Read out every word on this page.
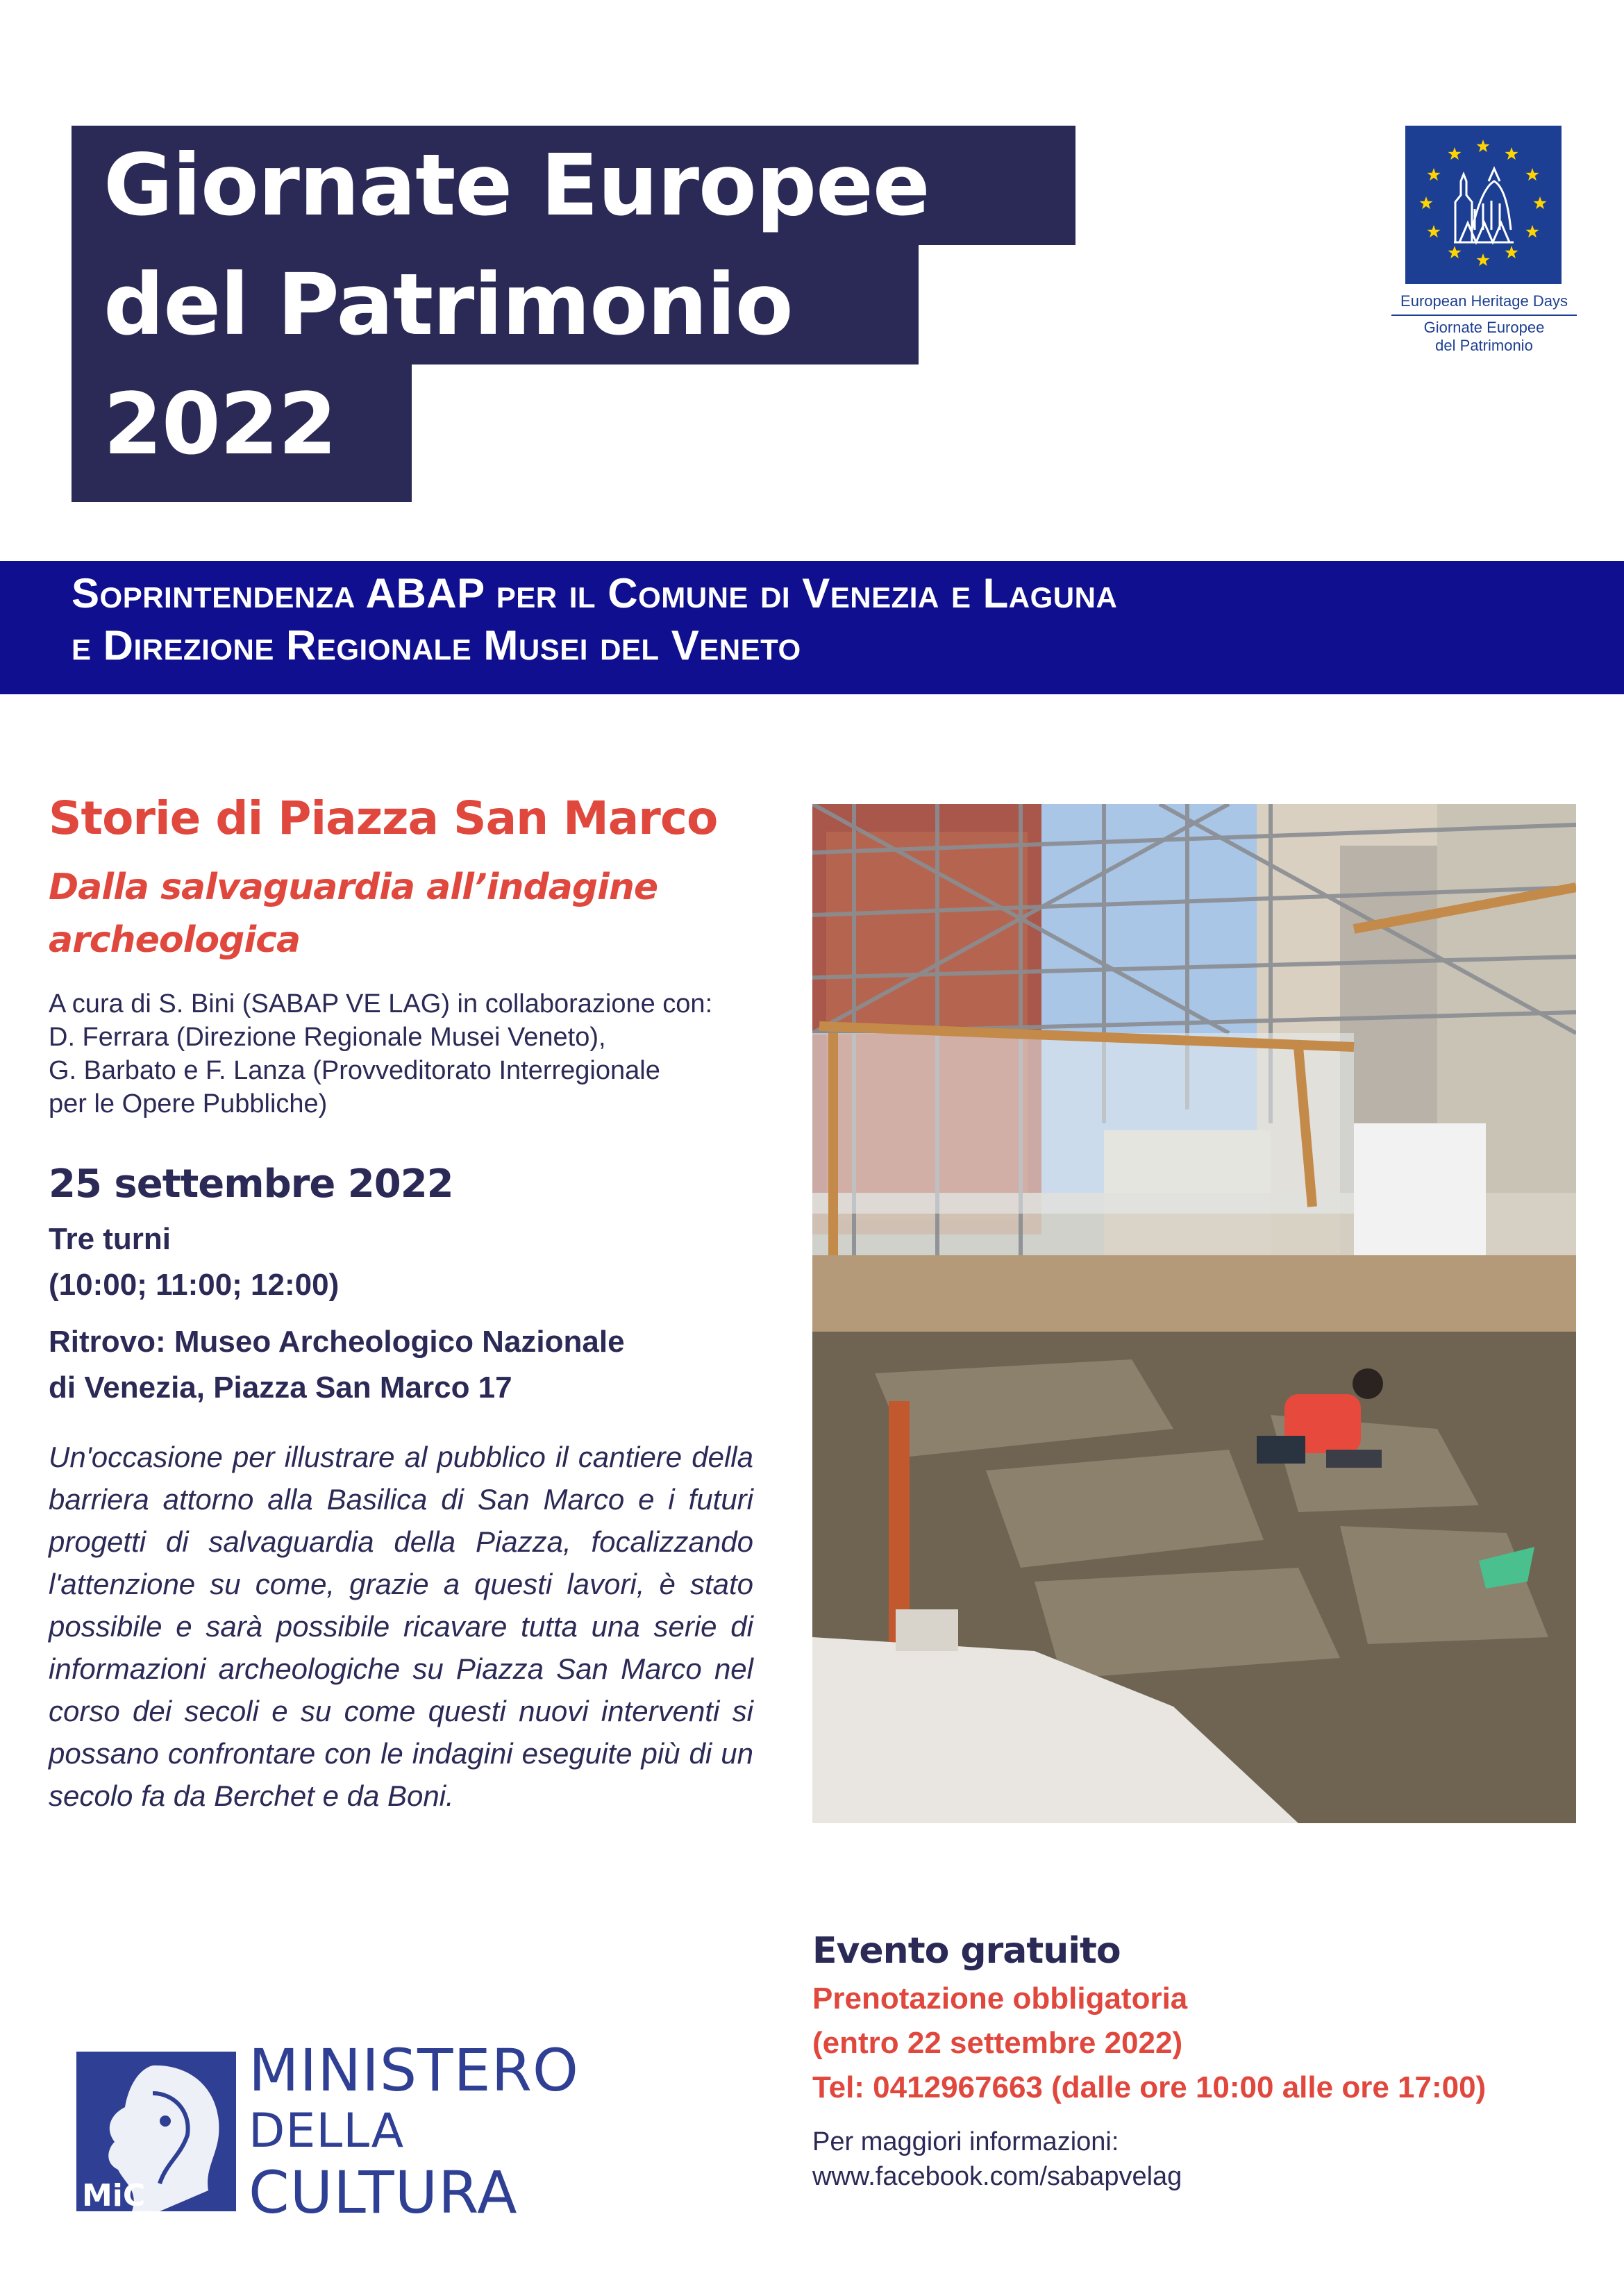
Giornate Europee
del Patrimonio
2022
European Heritage Days
Giornate Europee
del Patrimonio
Soprintendenza ABAP per il Comune di Venezia e Laguna
e Direzione Regionale Musei del Veneto
Storie di Piazza San Marco
Dalla salvaguardia all’indagine
archeologica
A cura di S. Bini (SABAP VE LAG) in collaborazione con:
D. Ferrara (Direzione Regionale Musei Veneto),
G. Barbato e F. Lanza (Provveditorato Interregionale
per le Opere Pubbliche)
25 settembre 2022
Tre turni
(10:00; 11:00; 12:00)
Ritrovo: Museo Archeologico Nazionale
di Venezia, Piazza San Marco 17
Un'occasione per illustrare al pubblico il cantiere della barriera attorno alla Basilica di San Marco e i futuri progetti di salvaguardia della Piazza, focalizzando l'attenzione su come, grazie a questi lavori, è stato possibile e sarà possibile ricavare tutta una serie di informazioni archeologiche su Piazza San Marco nel corso dei secoli e su come questi nuovi interventi si possano confrontare con le indagini eseguite più di un secolo fa da Berchet e da Boni.
Evento gratuito
Prenotazione obbligatoria
(entro 22 settembre 2022)
Tel: 0412967663 (dalle ore 10:00 alle ore 17:00)
Per maggiori informazioni:
www.facebook.com/sabapvelag
MiC
MINISTERO
DELLA
CULTURA
